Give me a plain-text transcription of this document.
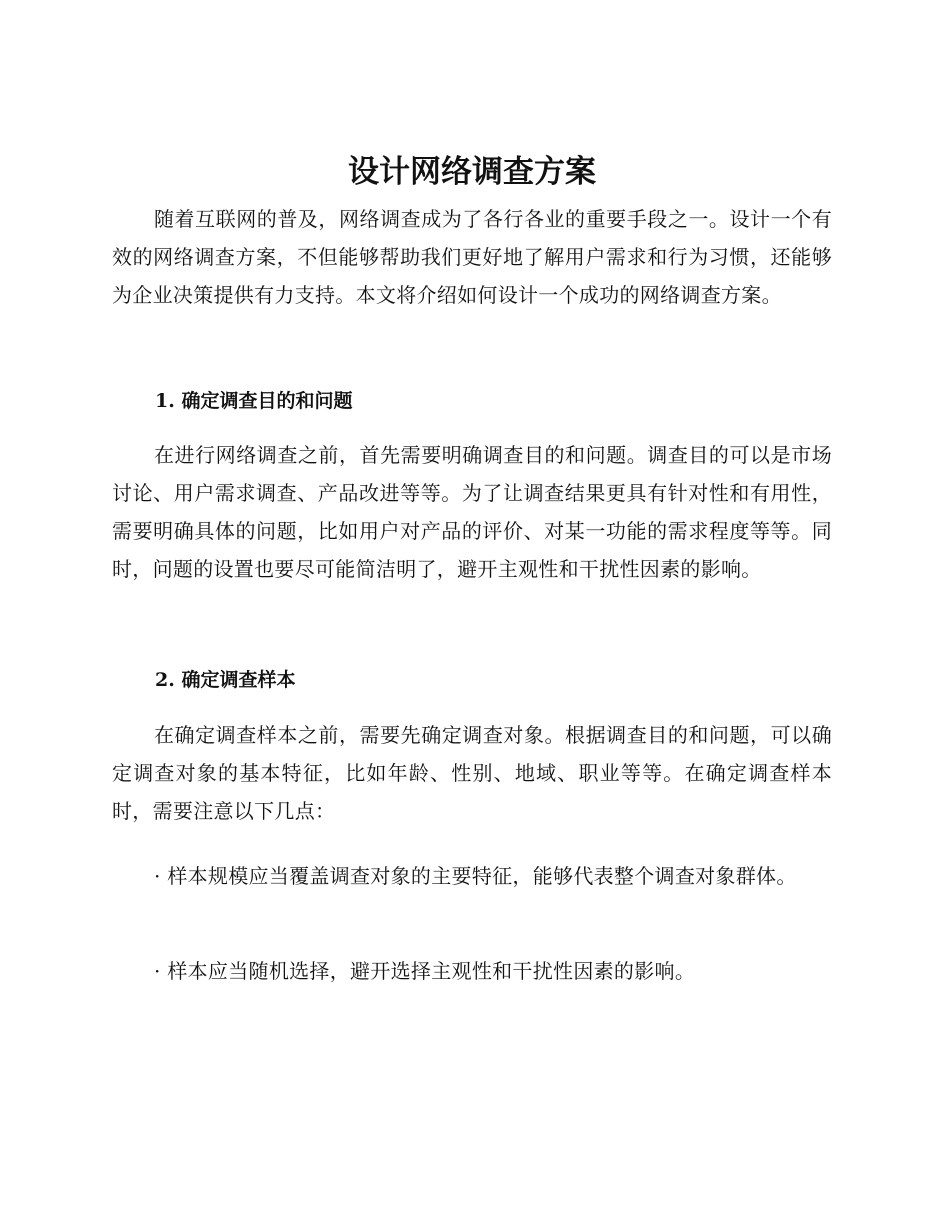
设计网络调查方案

随着互联网的普及，网络调查成为了各行各业的重要手段之一。设计一个有效的网络调查方案，不但能够帮助我们更好地了解用户需求和行为习惯，还能够为企业决策提供有力支持。本文将介绍如何设计一个成功的网络调查方案。

1. 确定调查目的和问题

在进行网络调查之前，首先需要明确调查目的和问题。调查目的可以是市场讨论、用户需求调查、产品改进等等。为了让调查结果更具有针对性和有用性，需要明确具体的问题，比如用户对产品的评价、对某一功能的需求程度等等。同时，问题的设置也要尽可能简洁明了，避开主观性和干扰性因素的影响。

2. 确定调查样本

在确定调查样本之前，需要先确定调查对象。根据调查目的和问题，可以确定调查对象的基本特征，比如年龄、性别、地域、职业等等。在确定调查样本时，需要注意以下几点：

· 样本规模应当覆盖调查对象的主要特征，能够代表整个调查对象群体。

· 样本应当随机选择，避开选择主观性和干扰性因素的影响。
